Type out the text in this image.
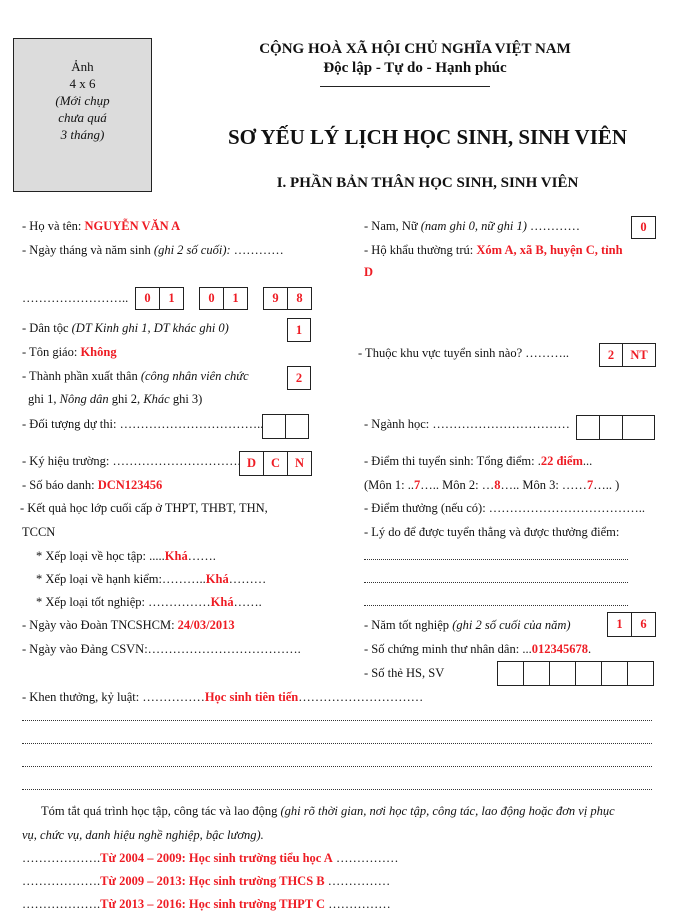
Ảnh
4 x 6
(Mới chụp
chưa quá
3 tháng)
CỘNG HOÀ XÃ HỘI CHỦ NGHĨA VIỆT NAM
Độc lập - Tự do - Hạnh phúc
SƠ YẾU LÝ LỊCH HỌC SINH, SINH VIÊN
I. PHẦN BẢN THÂN HỌC SINH, SINH VIÊN
- Họ và tên: NGUYỄN VĂN A	- Nam, Nữ (nam ghi 0, nữ ghi 1) …………	0
- Ngày tháng và năm sinh (ghi 2 số cuối): …………	- Hộ khẩu thường trú: Xóm A, xã B, huyện C, tỉnh
D
……………………..	0	1	0	1	9	8
- Dân tộc (DT Kinh ghi 1, DT khác ghi 0)	1
- Tôn giáo: Không	- Thuộc khu vực tuyển sinh nào? ………..	2	NT
- Thành phần xuất thân (công nhân viên chức
ghi 1, Nông dân ghi 2, Khác ghi 3)
2
- Đối tượng dự thi: ……………………………..	- Ngành học: ……………………………
- Ký hiệu trường: …………………………. D	C	N	- Điểm thi tuyển sinh: Tổng điểm: .22 điểm...
- Số báo danh: DCN123456	(Môn 1: ..7….. Môn 2: …8….. Môn 3: ……7….. )
- Kết quả học lớp cuối cấp ở THPT, THBT, THN,
TCCN
- Điểm thưởng (nếu có): ………………………………..
- Lý do để được tuyển thẳng và được thưởng điểm:
* Xếp loại về học tập: .....Khá…….
* Xếp loại về hạnh kiểm:………..Khá………
* Xếp loại tốt nghiệp: ……………Khá…….
- Ngày vào Đoàn TNCSHCM: 24/03/2013	- Năm tốt nghiệp (ghi 2 số cuối của năm)	1	6
- Ngày vào Đảng CSVN:……………………………….	- Số chứng minh thư nhân dân: ...012345678.
- Số thẻ HS, SV
- Khen thưởng, kỷ luật: ……………Học sinh tiên tiến…………………………
Tóm tắt quá trình học tập, công tác và lao động (ghi rõ thời gian, nơi học tập, công tác, lao động hoặc đơn vị phục
vụ, chức vụ, danh hiệu nghề nghiệp, bậc lương).
……………….Từ 2004 – 2009: Học sinh trường tiểu học A ……………
……………….Từ 2009 – 2013: Học sinh trường THCS B ……………
……………….Từ 2013 – 2016: Học sinh trường THPT C ……………
